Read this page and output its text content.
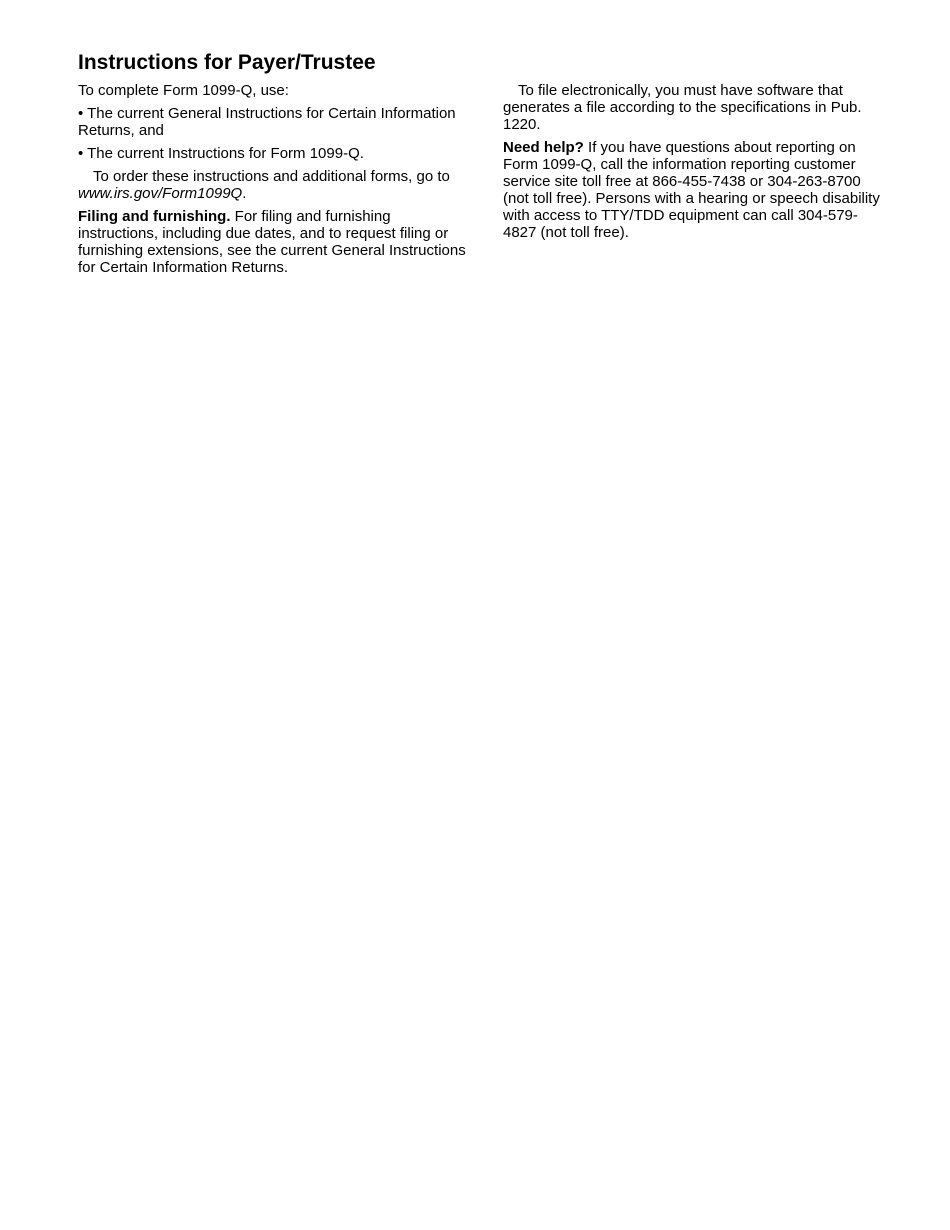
Instructions for Payer/Trustee

To complete Form 1099-Q, use:

• The current General Instructions for Certain Information Returns, and

• The current Instructions for Form 1099-Q.

To order these instructions and additional forms, go to www.irs.gov/Form1099Q.

Filing and furnishing. For filing and furnishing instructions, including due dates, and to request filing or furnishing extensions, see the current General Instructions for Certain Information Returns.

To file electronically, you must have software that generates a file according to the specifications in Pub. 1220.

Need help? If you have questions about reporting on Form 1099-Q, call the information reporting customer service site toll free at 866-455-7438 or 304-263-8700 (not toll free). Persons with a hearing or speech disability with access to TTY/TDD equipment can call 304-579-4827 (not toll free).
